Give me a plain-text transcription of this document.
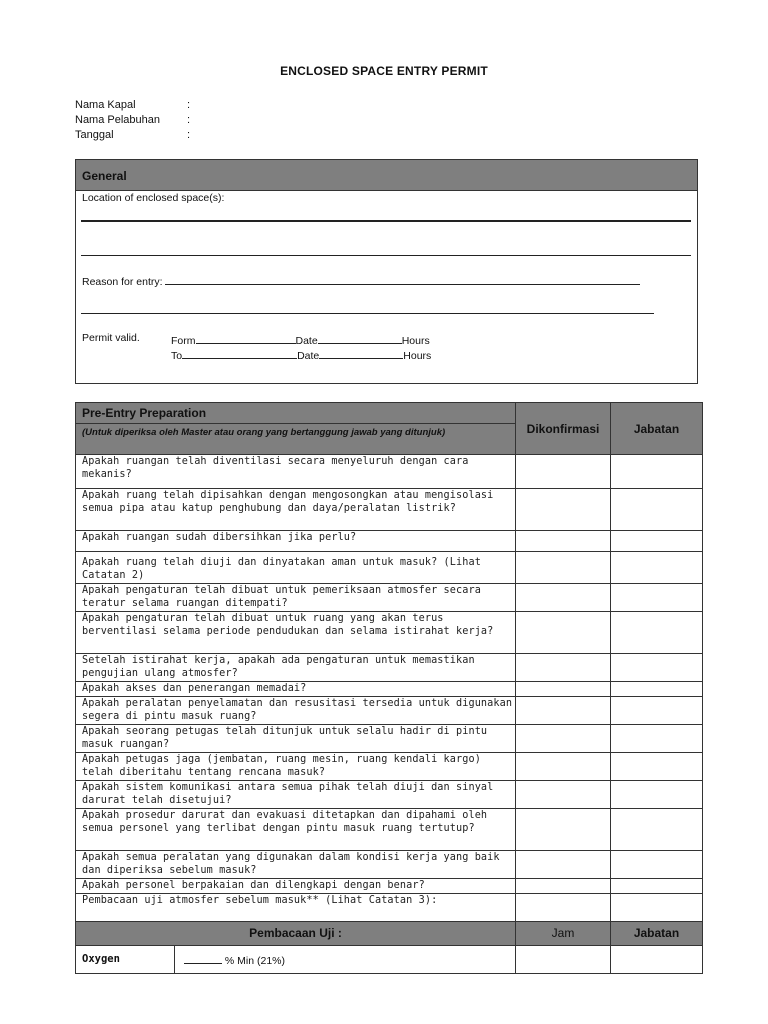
ENCLOSED SPACE ENTRY PERMIT
Nama Kapal	:
Nama Pelabuhan	:
Tanggal	:
General
Location of enclosed space(s):
Reason for entry:
Permit valid.	Form	Date	Hours
To	Date	Hours
Pre-Entry Preparation		Dikonfirmasi	Jabatan
(Untuk diperiksa oleh Master atau orang yang bertanggung jawab yang ditunjuk)			
Apakah ruangan telah diventilasi secara menyeluruh dengan cara mekanis?			
Apakah ruang telah dipisahkan dengan mengosongkan atau mengisolasi semua pipa atau katup penghubung dan daya/peralatan listrik?			
Apakah ruangan sudah dibersihkan jika perlu?			
Apakah ruang telah diuji dan dinyatakan aman untuk masuk? (Lihat Catatan 2)			
Apakah pengaturan telah dibuat untuk pemeriksaan atmosfer secara teratur selama ruangan ditempati?			
Apakah pengaturan telah dibuat untuk ruang yang akan terus berventilasi selama periode pendudukan dan selama istirahat kerja?			
Setelah istirahat kerja, apakah ada pengaturan untuk memastikan pengujian ulang atmosfer?			
Apakah akses dan penerangan memadai?			
Apakah peralatan penyelamatan dan resusitasi tersedia untuk digunakan segera di pintu masuk ruang?			
Apakah seorang petugas telah ditunjuk untuk selalu hadir di pintu masuk ruangan?			
Apakah petugas jaga (jembatan, ruang mesin, ruang kendali kargo) telah diberitahu tentang rencana masuk?			
Apakah sistem komunikasi antara semua pihak telah diuji dan sinyal darurat telah disetujui?			
Apakah prosedur darurat dan evakuasi ditetapkan dan dipahami oleh semua personel yang terlibat dengan pintu masuk ruang tertutup?			
Apakah semua peralatan yang digunakan dalam kondisi kerja yang baik dan diperiksa sebelum masuk?			
Apakah personel berpakaian dan dilengkapi dengan benar?			
Pembacaan uji atmosfer sebelum masuk** (Lihat Catatan 3):			
Pembacaan Uji :		Jam	Jabatan
Oxygen	% Min (21%)		
